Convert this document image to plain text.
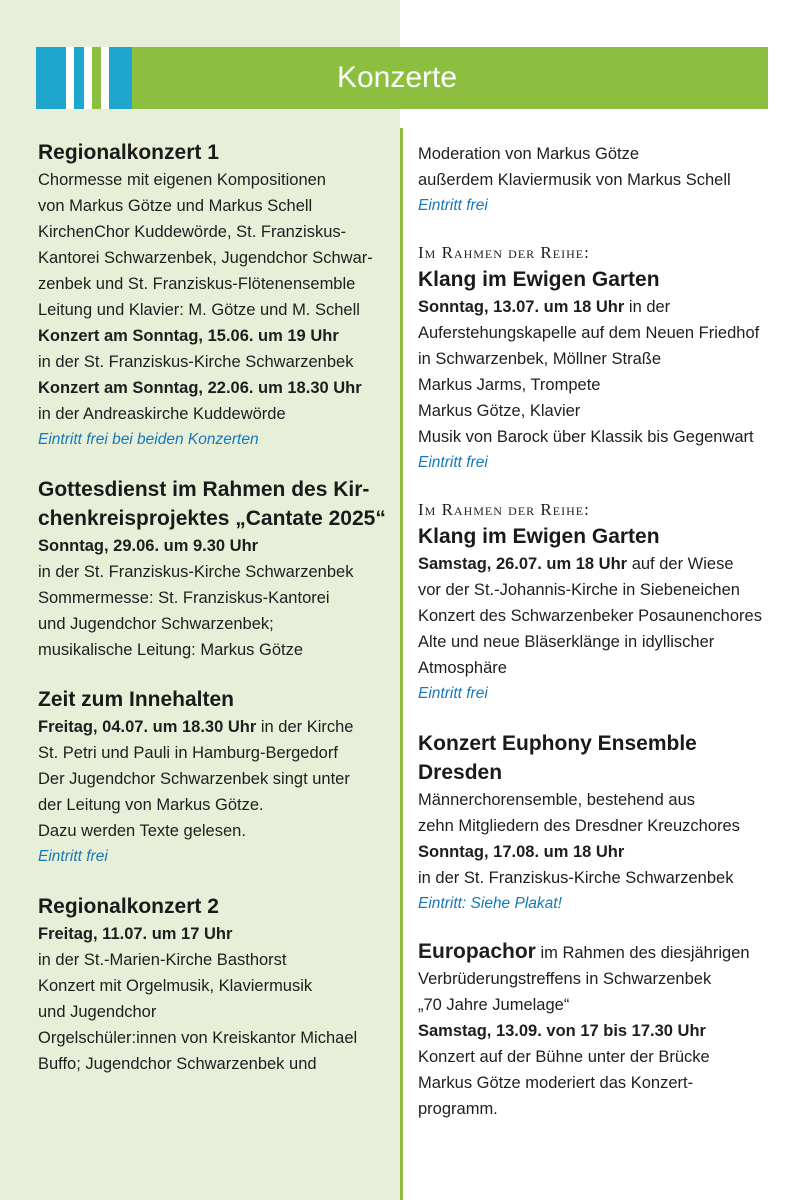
Konzerte
Regionalkonzert 1
Chormesse mit eigenen Kompositionen
von Markus Götze und Markus Schell
KirchenChor Kuddewörde, St. Franziskus-
Kantorei Schwarzenbek, Jugendchor Schwar-
zenbek und St. Franziskus-Flötenensemble
Leitung und Klavier: M. Götze und M. Schell
Konzert am Sonntag, 15.06. um 19 Uhr
in der St. Franziskus-Kirche Schwarzenbek
Konzert am Sonntag, 22.06. um 18.30 Uhr
in der Andreaskirche Kuddewörde
Eintritt frei bei beiden Konzerten
Gottesdienst im Rahmen des Kir-
chenkreisprojektes „Cantate 2025“
Sonntag, 29.06. um 9.30 Uhr
in der St. Franziskus-Kirche Schwarzenbek
Sommermesse: St. Franziskus-Kantorei
und Jugendchor Schwarzenbek;
musikalische Leitung: Markus Götze
Zeit zum Innehalten
Freitag, 04.07. um 18.30 Uhr in der Kirche
St. Petri und Pauli in Hamburg-Bergedorf
Der Jugendchor Schwarzenbek singt unter
der Leitung von Markus Götze.
Dazu werden Texte gelesen.
Eintritt frei
Regionalkonzert 2
Freitag, 11.07. um 17 Uhr
in der St.-Marien-Kirche Basthorst
Konzert mit Orgelmusik, Klaviermusik
und Jugendchor
Orgelschüler:innen von Kreiskantor Michael
Buffo; Jugendchor Schwarzenbek und
Moderation von Markus Götze
außerdem Klaviermusik von Markus Schell
Eintritt frei
Im Rahmen der Reihe:
Klang im Ewigen Garten
Sonntag, 13.07. um 18 Uhr in der
Auferstehungskapelle auf dem Neuen Friedhof
in Schwarzenbek, Möllner Straße
Markus Jarms, Trompete
Markus Götze, Klavier
Musik von Barock über Klassik bis Gegenwart
Eintritt frei
Im Rahmen der Reihe:
Klang im Ewigen Garten
Samstag, 26.07. um 18 Uhr auf der Wiese
vor der St.-Johannis-Kirche in Siebeneichen
Konzert des Schwarzenbeker Posaunenchores
Alte und neue Bläserklänge in idyllischer
Atmosphäre
Eintritt frei
Konzert Euphony Ensemble Dresden
Männerchorensemble, bestehend aus
zehn Mitgliedern des Dresdner Kreuzchores
Sonntag, 17.08. um 18 Uhr
in der St. Franziskus-Kirche Schwarzenbek
Eintritt: Siehe Plakat!
Europachor im Rahmen des diesjährigen
Verbrüderungstreffens in Schwarzenbek
„70 Jahre Jumelage“
Samstag, 13.09. von 17 bis 17.30 Uhr
Konzert auf der Bühne unter der Brücke
Markus Götze moderiert das Konzert-
programm.
